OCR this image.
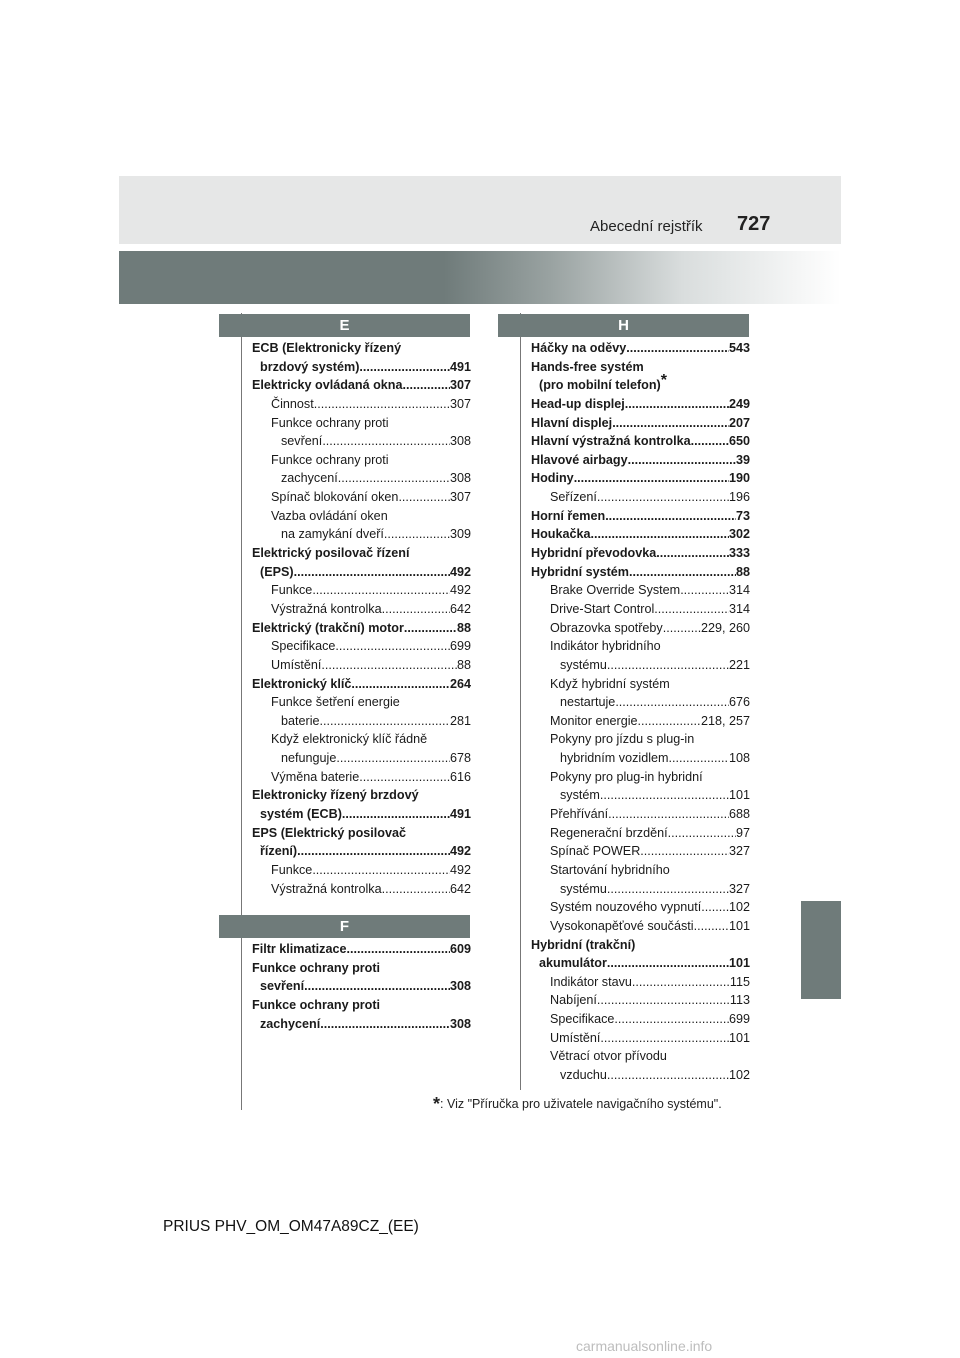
Abecední rejstřík 727
E
ECB (Elektronicky řízený
brzdový systém) .....	491
Elektricky ovládaná okna .....	307
Činnost .....	307
Funkce ochrany proti
sevření .....	308
Funkce ochrany proti
zachycení .....	308
Spínač blokování oken .....	307
Vazba ovládání oken
na zamykání dveří .....	309
Elektrický posilovač řízení
(EPS) .....	492
Funkce .....	492
Výstražná kontrolka .....	642
Elektrický (trakční) motor .....	88
Specifikace .....	699
Umístění .....	88
Elektronický klíč .....	264
Funkce šetření energie
baterie .....	281
Když elektronický klíč řádně
nefunguje .....	678
Výměna baterie .....	616
Elektronicky řízený brzdový
systém (ECB) .....	491
EPS (Elektrický posilovač
řízení) .....	492
Funkce .....	492
Výstražná kontrolka .....	642
F
Filtr klimatizace .....	609
Funkce ochrany proti
sevření .....	308
Funkce ochrany proti
zachycení .....	308
H
Háčky na oděvy .....	543
Hands-free systém
(pro mobilní telefon) *
Head-up displej .....	249
Hlavní displej .....	207
Hlavní výstražná kontrolka .....	650
Hlavové airbagy .....	39
Hodiny .....	190
Seřízení .....	196
Horní řemen .....	73
Houkačka .....	302
Hybridní převodovka .....	333
Hybridní systém .....	88
Brake Override System .....	314
Drive-Start Control .....	314
Obrazovka spotřeby .....	229, 260
Indikátor hybridního
systému .....	221
Když hybridní systém
nestartuje .....	676
Monitor energie .....	218, 257
Pokyny pro jízdu s plug-in
hybridním vozidlem .....	108
Pokyny pro plug-in hybridní
systém .....	101
Přehřívání .....	688
Regenerační brzdění .....	97
Spínač POWER .....	327
Startování hybridního
systému .....	327
Systém nouzového vypnutí ..... 102
Vysokonapěťové součásti .....	101
Hybridní (trakční)
akumulátor .....	101
Indikátor stavu .....	115
Nabíjení .....	113
Specifikace .....	699
Umístění .....	101
Větrací otvor přívodu
vzduchu .....	102
*: Viz "Příručka pro uživatele navigačního systému".
PRIUS PHV_OM_OM47A89CZ_(EE)
carmanualsonline.info
